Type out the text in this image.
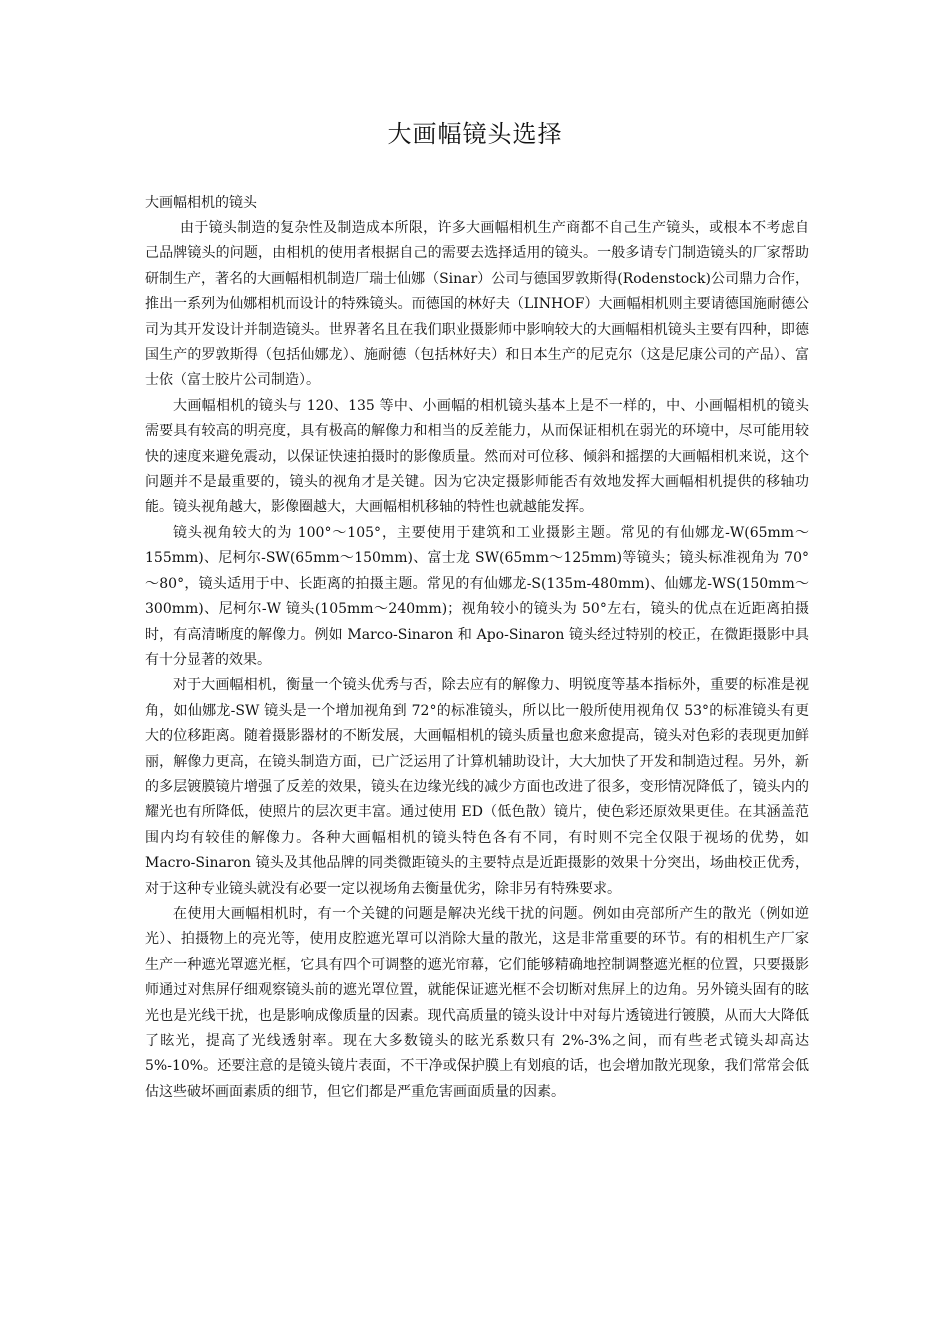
大画幅镜头选择

大画幅相机的镜头

由于镜头制造的复杂性及制造成本所限，许多大画幅相机生产商都不自己生产镜头，或根本不考虑自己品牌镜头的问题，由相机的使用者根据自己的需要去选择适用的镜头。一般多请专门制造镜头的厂家帮助研制生产，著名的大画幅相机制造厂瑞士仙娜（Sinar）公司与德国罗敦斯得(Rodenstock)公司鼎力合作，推出一系列为仙娜相机而设计的特殊镜头。而德国的林好夫（LINHOF）大画幅相机则主要请德国施耐德公司为其开发设计并制造镜头。世界著名且在我们职业摄影师中影响较大的大画幅相机镜头主要有四种，即德国生产的罗敦斯得（包括仙娜龙）、施耐德（包括林好夫）和日本生产的尼克尔（这是尼康公司的产品）、富士依（富士胶片公司制造）。

大画幅相机的镜头与 120、135 等中、小画幅的相机镜头基本上是不一样的，中、小画幅相机的镜头需要具有较高的明亮度，具有极高的解像力和相当的反差能力，从而保证相机在弱光的环境中，尽可能用较快的速度来避免震动，以保证快速拍摄时的影像质量。然而对可位移、倾斜和摇摆的大画幅相机来说，这个问题并不是最重要的，镜头的视角才是关键。因为它决定摄影师能否有效地发挥大画幅相机提供的移轴功能。镜头视角越大，影像圈越大，大画幅相机移轴的特性也就越能发挥。

镜头视角较大的为 100°～105°，主要使用于建筑和工业摄影主题。常见的有仙娜龙-W(65mm～155mm)、尼柯尔-SW(65mm～150mm)、富士龙 SW(65mm～125mm)等镜头；镜头标准视角为 70°～80°，镜头适用于中、长距离的拍摄主题。常见的有仙娜龙-S(135m-480mm)、仙娜龙-WS(150mm～300mm)、尼柯尔-W 镜头(105mm～240mm)；视角较小的镜头为 50°左右，镜头的优点在近距离拍摄时，有高清晰度的解像力。例如 Marco-Sinaron 和 Apo-Sinaron 镜头经过特别的校正，在微距摄影中具有十分显著的效果。

对于大画幅相机，衡量一个镜头优秀与否，除去应有的解像力、明锐度等基本指标外，重要的标准是视角，如仙娜龙-SW 镜头是一个增加视角到 72°的标准镜头，所以比一般所使用视角仅 53°的标准镜头有更大的位移距离。随着摄影器材的不断发展，大画幅相机的镜头质量也愈来愈提高，镜头对色彩的表现更加鲜丽，解像力更高，在镜头制造方面，已广泛运用了计算机辅助设计，大大加快了开发和制造过程。另外，新的多层镀膜镜片增强了反差的效果，镜头在边缘光线的减少方面也改进了很多，变形情况降低了，镜头内的耀光也有所降低，使照片的层次更丰富。通过使用 ED（低色散）镜片，使色彩还原效果更佳。在其涵盖范围内均有较佳的解像力。各种大画幅相机的镜头特色各有不同，有时则不完全仅限于视场的优势，如 Macro-Sinaron 镜头及其他品牌的同类微距镜头的主要特点是近距摄影的效果十分突出，场曲校正优秀，对于这种专业镜头就没有必要一定以视场角去衡量优劣，除非另有特殊要求。

在使用大画幅相机时，有一个关键的问题是解决光线干扰的问题。例如由亮部所产生的散光（例如逆光）、拍摄物上的亮光等，使用皮腔遮光罩可以消除大量的散光，这是非常重要的环节。有的相机生产厂家生产一种遮光罩遮光框，它具有四个可调整的遮光帘幕，它们能够精确地控制调整遮光框的位置，只要摄影师通过对焦屏仔细观察镜头前的遮光罩位置，就能保证遮光框不会切断对焦屏上的边角。另外镜头固有的眩光也是光线干扰，也是影响成像质量的因素。现代高质量的镜头设计中对每片透镜进行镀膜，从而大大降低了眩光，提高了光线透射率。现在大多数镜头的眩光系数只有 2%-3%之间，而有些老式镜头却高达 5%-10%。还要注意的是镜头镜片表面，不干净或保护膜上有划痕的话，也会增加散光现象，我们常常会低估这些破坏画面素质的细节，但它们都是严重危害画面质量的因素。
